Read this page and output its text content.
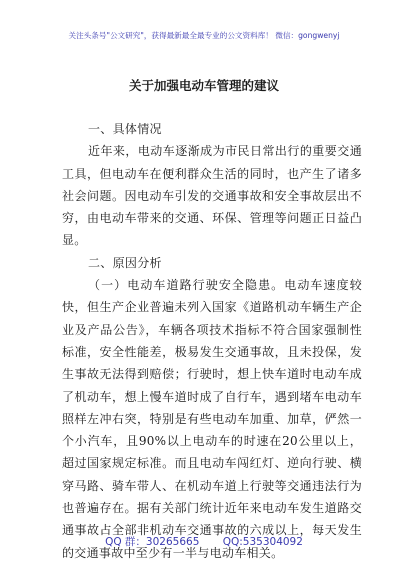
关注头条号"公文研究"，获得最新最全最专业的公文资料库！ 微信：gongwenyj
关于加强电动车管理的建议
一、具体情况

近年来，电动车逐渐成为市民日常出行的重要交通工具，但电动车在便利群众生活的同时，也产生了诸多社会问题。因电动车引发的交通事故和安全事故层出不穷，由电动车带来的交通、环保、管理等问题正日益凸显。

二、原因分析

（一）电动车道路行驶安全隐患。电动车速度较快，但生产企业普遍未列入国家《道路机动车辆生产企业及产品公告》，车辆各项技术指标不符合国家强制性标准，安全性能差，极易发生交通事故，且未投保，发生事故无法得到赔偿；行驶时，想上快车道时电动车成了机动车，想上慢车道时成了自行车，遇到堵车电动车照样左冲右突，特别是有些电动车加重、加草，俨然一个小汽车，且90%以上电动车的时速在20公里以上，超过国家规定标准。而且电动车闯红灯、逆向行驶、横穿马路、骑车带人、在机动车道上行驶等交通违法行为也普遍存在。据有关部门统计近年来电动车发生道路交通事故占全部非机动车交通事故的六成以上，每天发生的交通事故中至少有一半与电动车相关。

QQ 群：30265665 QQ:535304092
